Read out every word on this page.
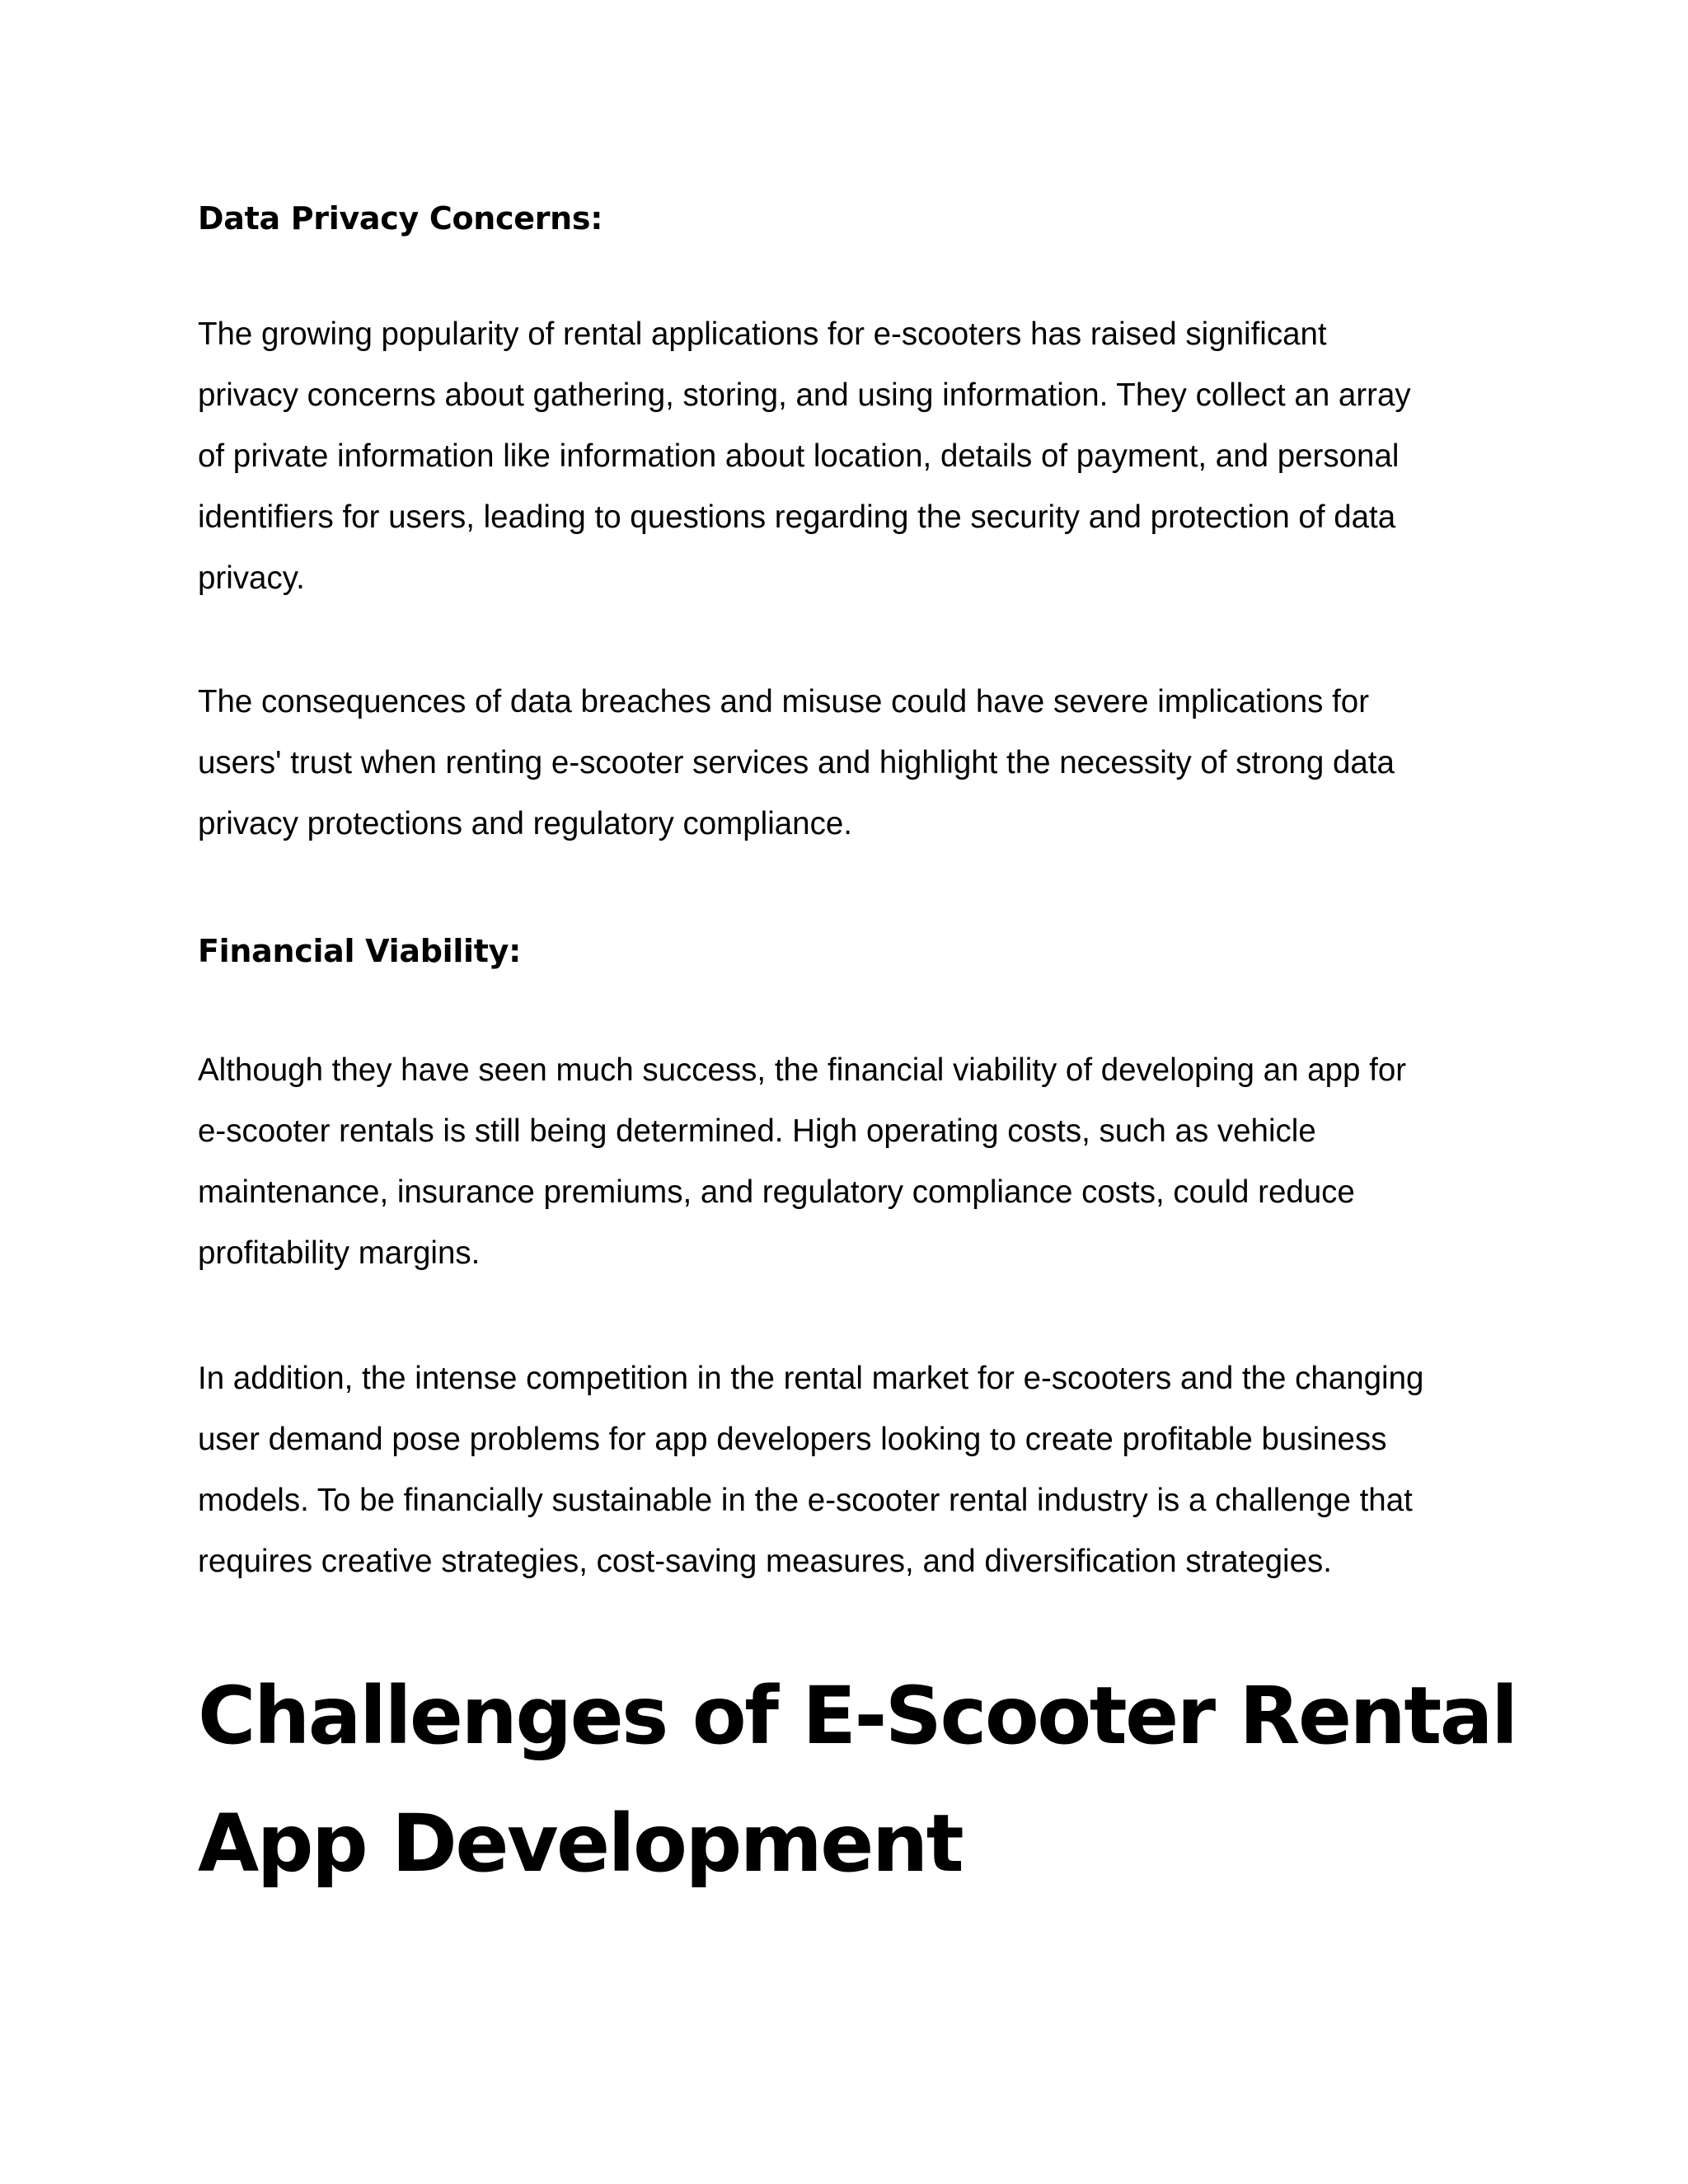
Data Privacy Concerns:

The growing popularity of rental applications for e-scooters has raised significant
privacy concerns about gathering, storing, and using information. They collect an array
of private information like information about location, details of payment, and personal
identifiers for users, leading to questions regarding the security and protection of data
privacy.

The consequences of data breaches and misuse could have severe implications for
users' trust when renting e-scooter services and highlight the necessity of strong data
privacy protections and regulatory compliance.

Financial Viability:

Although they have seen much success, the financial viability of developing an app for
e-scooter rentals is still being determined. High operating costs, such as vehicle
maintenance, insurance premiums, and regulatory compliance costs, could reduce
profitability margins.

In addition, the intense competition in the rental market for e-scooters and the changing
user demand pose problems for app developers looking to create profitable business
models. To be financially sustainable in the e-scooter rental industry is a challenge that
requires creative strategies, cost-saving measures, and diversification strategies.

Challenges of E-Scooter Rental
App Development
